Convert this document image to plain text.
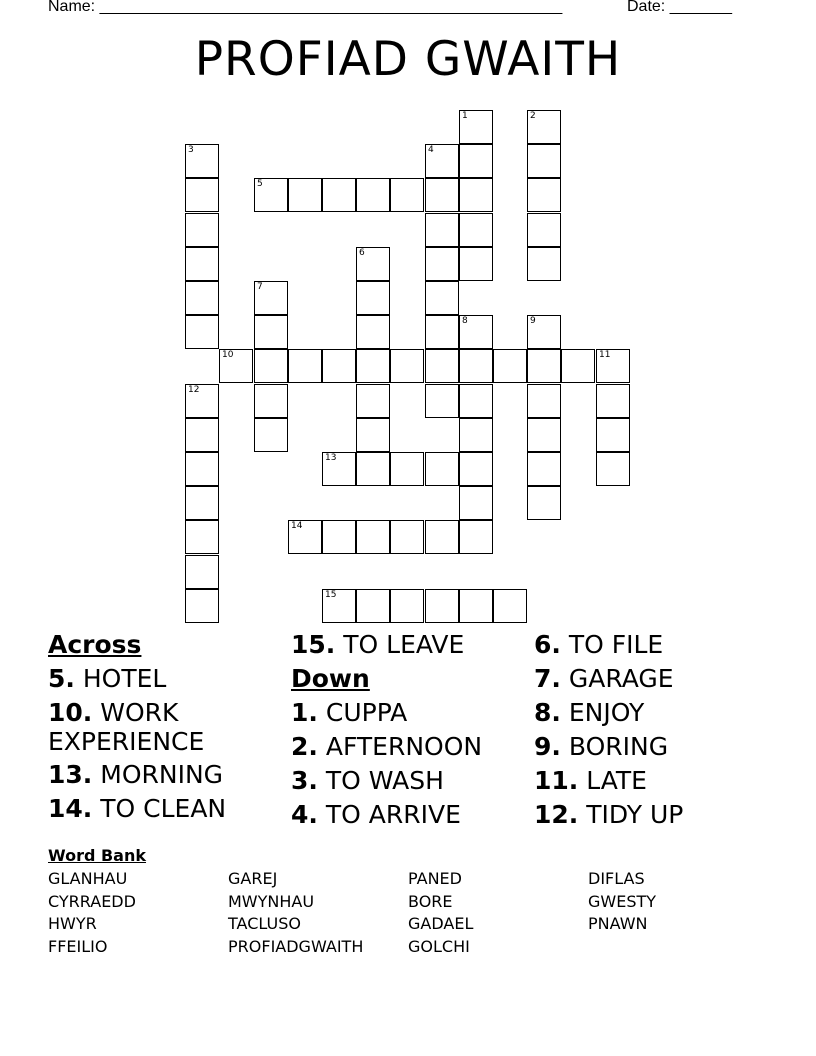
Name: ____________________________________________________	Date: _______
PROFIAD GWAITH
1	2
3	4
5
6
7
8	9
10	11
12
13
14
15
Across
5. HOTEL
10. WORK EXPERIENCE
13. MORNING
14. TO CLEAN
15. TO LEAVE
Down
1. CUPPA
2. AFTERNOON
3. TO WASH
4. TO ARRIVE
6. TO FILE
7. GARAGE
8. ENJOY
9. BORING
11. LATE
12. TIDY UP
Word Bank
GLANHAU
CYRRAEDD
HWYR
FFEILIO
GAREJ
MWYNHAU
TACLUSO
PROFIADGWAITH
PANED
BORE
GADAEL
GOLCHI
DIFLAS
GWESTY
PNAWN
